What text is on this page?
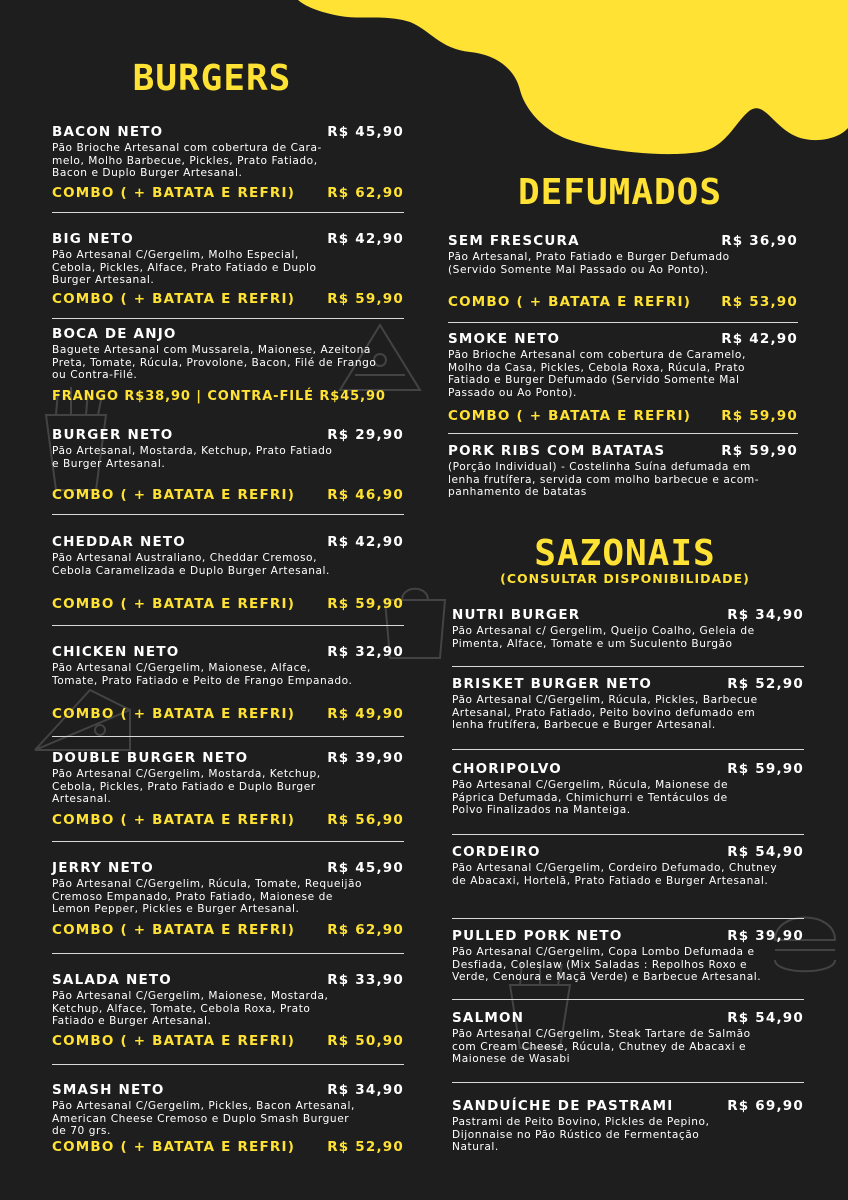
BURGERS
BACON NETO	R$ 45,90
Pão Brioche Artesanal com cobertura de Cara-
melo, Molho Barbecue, Pickles, Prato Fatiado,
Bacon e Duplo Burger Artesanal.
COMBO ( + BATATA E REFRI) R$ 62,90
BIG NETO	R$ 42,90
Pão Artesanal C/Gergelim, Molho Especial,
Cebola, Pickles, Alface, Prato Fatiado e Duplo
Burger Artesanal.
COMBO ( + BATATA E REFRI) R$ 59,90
BOCA DE ANJO
Baguete Artesanal com Mussarela, Maionese, Azeitona
Preta, Tomate, Rúcula, Provolone, Bacon, Filé de Frango
ou Contra-Filé.
FRANGO R$38,90 | CONTRA-FILÉ R$45,90
BURGER NETO	R$ 29,90
Pão Artesanal, Mostarda, Ketchup, Prato Fatiado
e Burger Artesanal.
COMBO ( + BATATA E REFRI) R$ 46,90
CHEDDAR NETO	R$ 42,90
Pão Artesanal Australiano, Cheddar Cremoso,
Cebola Caramelizada e Duplo Burger Artesanal.
COMBO ( + BATATA E REFRI) R$ 59,90
CHICKEN NETO	R$ 32,90
Pão Artesanal C/Gergelim, Maionese, Alface,
Tomate, Prato Fatiado e Peito de Frango Empanado.
COMBO ( + BATATA E REFRI) R$ 49,90
DOUBLE BURGER NETO	R$ 39,90
Pão Artesanal C/Gergelim, Mostarda, Ketchup,
Cebola, Pickles, Prato Fatiado e Duplo Burger
Artesanal.
COMBO ( + BATATA E REFRI) R$ 56,90
JERRY NETO	R$ 45,90
Pão Artesanal C/Gergelim, Rúcula, Tomate, Requeijão
Cremoso Empanado, Prato Fatiado, Maionese de
Lemon Pepper, Pickles e Burger Artesanal.
COMBO ( + BATATA E REFRI) R$ 62,90
SALADA NETO	R$ 33,90
Pão Artesanal C/Gergelim, Maionese, Mostarda,
Ketchup, Alface, Tomate, Cebola Roxa, Prato
Fatiado e Burger Artesanal.
COMBO ( + BATATA E REFRI) R$ 50,90
SMASH NETO	R$ 34,90
Pão Artesanal C/Gergelim, Pickles, Bacon Artesanal,
American Cheese Cremoso e Duplo Smash Burguer
de 70 grs.
COMBO ( + BATATA E REFRI) R$ 52,90
DEFUMADOS
SEM FRESCURA	R$ 36,90
Pão Artesanal, Prato Fatiado e Burger Defumado
(Servido Somente Mal Passado ou Ao Ponto).
COMBO ( + BATATA E REFRI) R$ 53,90
SMOKE NETO	R$ 42,90
Pão Brioche Artesanal com cobertura de Caramelo,
Molho da Casa, Pickles, Cebola Roxa, Rúcula, Prato
Fatiado e Burger Defumado (Servido Somente Mal
Passado ou Ao Ponto).
COMBO ( + BATATA E REFRI) R$ 59,90
PORK RIBS COM BATATAS	R$ 59,90
(Porção Individual) - Costelinha Suína defumada em
lenha frutífera, servida com molho barbecue e acom-
panhamento de batatas
SAZONAIS
(CONSULTAR DISPONIBILIDADE)
NUTRI BURGER	R$ 34,90
Pão Artesanal c/ Gergelim, Queijo Coalho, Geleia de
Pimenta, Alface, Tomate e um Suculento Burgão
BRISKET BURGER NETO	R$ 52,90
Pão Artesanal C/Gergelim, Rúcula, Pickles, Barbecue
Artesanal, Prato Fatiado, Peito bovino defumado em
lenha frutífera, Barbecue e Burger Artesanal.
CHORIPOLVO	R$ 59,90
Pão Artesanal C/Gergelim, Rúcula, Maionese de
Páprica Defumada, Chimichurri e Tentáculos de
Polvo Finalizados na Manteiga.
CORDEIRO	R$ 54,90
Pão Artesanal C/Gergelim, Cordeiro Defumado, Chutney
de Abacaxi, Hortelã, Prato Fatiado e Burger Artesanal.
PULLED PORK NETO	R$ 39,90
Pão Artesanal C/Gergelim, Copa Lombo Defumada e
Desfiada, Coleslaw (Mix Saladas : Repolhos Roxo e
Verde, Cenoura e Maçã Verde) e Barbecue Artesanal.
SALMON	R$ 54,90
Pão Artesanal C/Gergelim, Steak Tartare de Salmão
com Cream Cheese, Rúcula, Chutney de Abacaxi e
Maionese de Wasabi
SANDUÍCHE DE PASTRAMI	R$ 69,90
Pastrami de Peito Bovino, Pickles de Pepino,
Dijonnaise no Pão Rústico de Fermentação
Natural.
